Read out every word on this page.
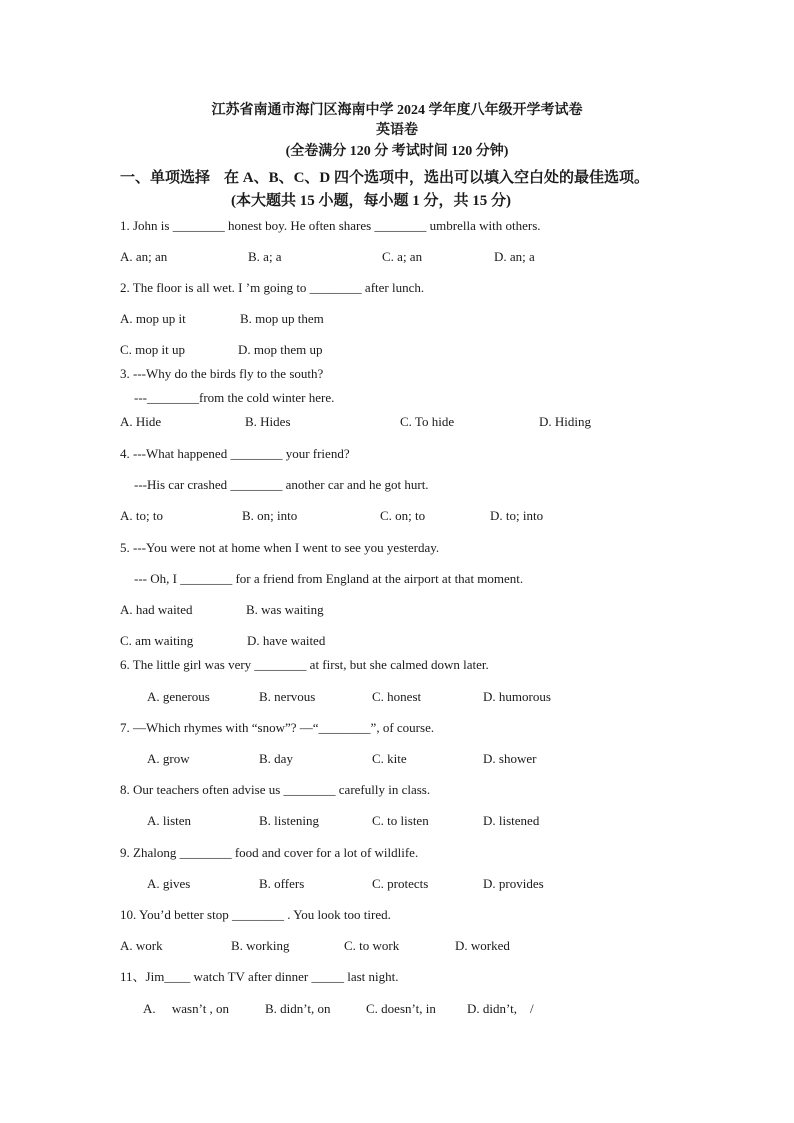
江苏省南通市海门区海南中学 2024 学年度八年级开学考试卷
英语卷
(全卷满分 120 分 考试时间 120 分钟)
一、单项选择 在 A、B、C、D 四个选项中，选出可以填入空白处的最佳选项。
(本大题共 15 小题，每小题 1 分，共 15 分)
1. John is ________ honest boy. He often shares ________ umbrella with others.
A. an; an	B. a; a	C. a; an	D. an; a
2. The floor is all wet. I ’m going to ________ after lunch.
A. mop up it	B. mop up them
C. mop it up	D. mop them up
3. ---Why do the birds fly to the south?
---________from the cold winter here.
A. Hide	B. Hides	C. To hide	D. Hiding
4. ---What happened ________ your friend?
---His car crashed ________ another car and he got hurt.
A. to; to	B. on; into	C. on; to	D. to; into
5. ---You were not at home when I went to see you yesterday.
--- Oh, I ________ for a friend from England at the airport at that moment.
A. had waited	B. was waiting
C. am waiting	D. have waited
6. The little girl was very ________ at first, but she calmed down later.
A. generous	B. nervous	C. honest	D. humorous
7. —Which rhymes with “snow”? —“________”, of course.
A. grow	B. day	C. kite	D. shower
8. Our teachers often advise us ________ carefully in class.
A. listen	B. listening	C. to listen	D. listened
9. Zhalong ________ food and cover for a lot of wildlife.
A. gives	B. offers	C. protects	D. provides
10. You’d better stop ________ . You look too tired.
A. work	B. working	C. to work	D. worked
11、Jim____ watch TV after dinner _____ last night.
A.     wasn’t , on	B. didn’t, on	C. doesn’t, in D. didn’t,    /
